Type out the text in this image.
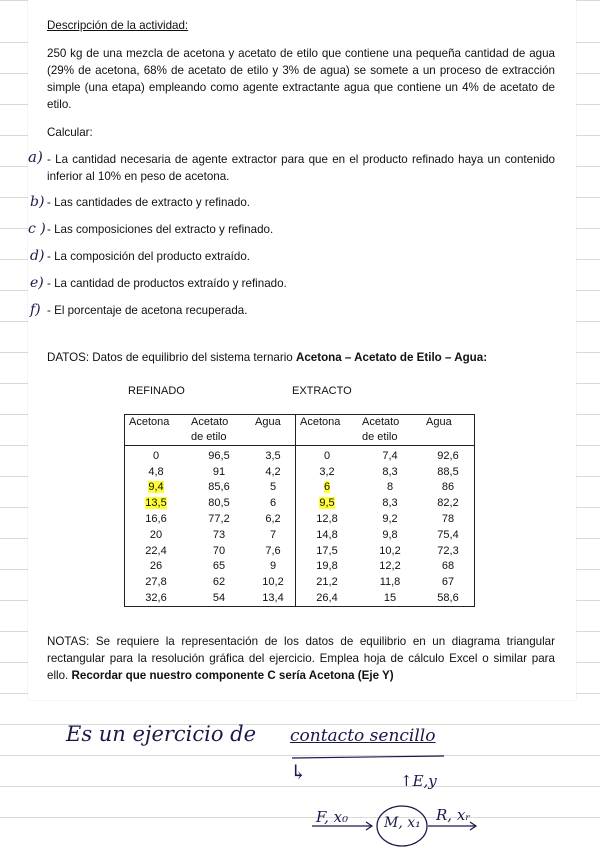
Descripción de la actividad:

250 kg de una mezcla de acetona y acetato de etilo que contiene una pequeña cantidad de agua (29% de acetona, 68% de acetato de etilo y 3% de agua) se somete a un proceso de extracción simple (una etapa) empleando como agente extractante agua que contiene un 4% de acetato de etilo.

Calcular:

a) - La cantidad necesaria de agente extractor para que en el producto refinado haya un contenido inferior al 10% en peso de acetona.

b) - Las cantidades de extracto y refinado.

c ) - Las composiciones del extracto y refinado.

d) - La composición del producto extraído.

e) - La cantidad de productos extraído y refinado.

f) - El porcentaje de acetona recuperada.

DATOS: Datos de equilibrio del sistema ternario Acetona – Acetato de Etilo – Agua:

REFINADO	EXTRACTO

Acetona	Acetato
de etilo	Agua	Acetona	Acetato
de etilo	Agua

0	96,5	3,5	0	7,4	92,6
4,8	91	4,2	3,2	8,3	88,5
9,4	85,6	5	6	8	86
13,5	80,5	6	9,5	8,3	82,2
16,6	77,2	6,2	12,8	9,2	78
20	73	7	14,8	9,8	75,4
22,4	70	7,6	17,5	10,2	72,3
26	65	9	19,8	12,2	68
27,8	62	10,2	21,2	11,8	67
32,6	54	13,4	26,4	15	58,6

NOTAS: Se requiere la representación de los datos de equilibrio en un diagrama triangular rectangular para la resolución gráfica del ejercicio. Emplea hoja de cálculo Excel o similar para ello. Recordar que nuestro componente C sería Acetona (Eje Y)

Es un ejercicio de contacto sencillo
↳	↑E,y
F, x₀	M, x₁ R, xᵣ
